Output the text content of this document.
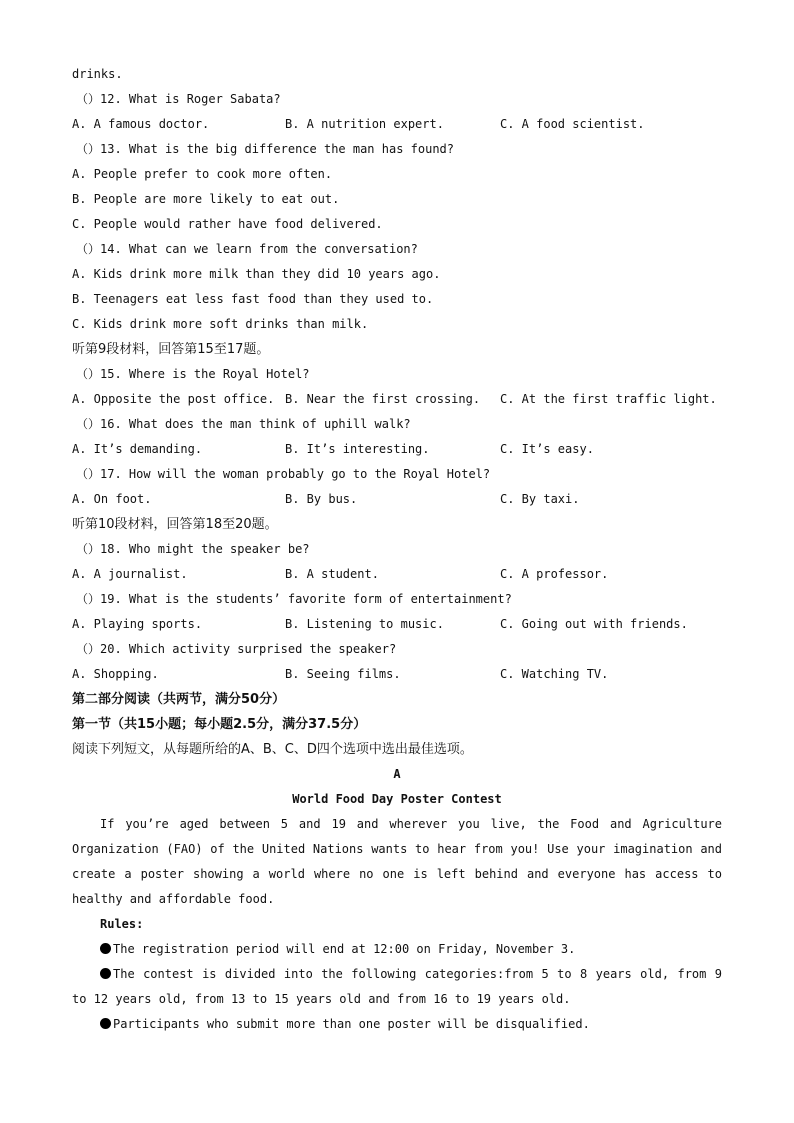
drinks.
（）12. What is Roger Sabata?
A. A famous doctor.	B. A nutrition expert.	C. A food scientist.
（）13. What is the big difference the man has found?
A. People prefer to cook more often.
B. People are more likely to eat out.
C. People would rather have food delivered.
（）14. What can we learn from the conversation?
A. Kids drink more milk than they did 10 years ago.
B. Teenagers eat less fast food than they used to.
C. Kids drink more soft drinks than milk.
听第9段材料，回答第15至17题。
（）15. Where is the Royal Hotel?
A. Opposite the post office. B. Near the first crossing.	C. At the first traffic light.
（）16. What does the man think of uphill walk?
A. It’s demanding.	B. It’s interesting.	C. It’s easy.
（）17. How will the woman probably go to the Royal Hotel?
A. On foot.	B. By bus.	C. By taxi.
听第10段材料，回答第18至20题。
（）18. Who might the speaker be?
A. A journalist.	B. A student.	C. A professor.
（）19. What is the students’ favorite form of entertainment?
A. Playing sports.	B. Listening to music.	C. Going out with friends.
（）20. Which activity surprised the speaker?
A. Shopping.	B. Seeing films.	C. Watching TV.
第二部分阅读（共两节，满分50分）
第一节（共15小题；每小题2.5分，满分37.5分）
阅读下列短文，从每题所给的A、B、C、D四个选项中选出最佳选项。
A
World Food Day Poster Contest
If you’re aged between 5 and 19 and wherever you live, the Food and Agriculture Organization (FAO) of the United Nations wants to hear from you! Use your imagination and create a poster showing a world where no one is left behind and everyone has access to healthy and affordable food.
Rules:
The registration period will end at 12:00 on Friday, November 3.
The contest is divided into the following categories:from 5 to 8 years old, from 9 to 12 years old, from 13 to 15 years old and from 16 to 19 years old.
Participants who submit more than one poster will be disqualified.
